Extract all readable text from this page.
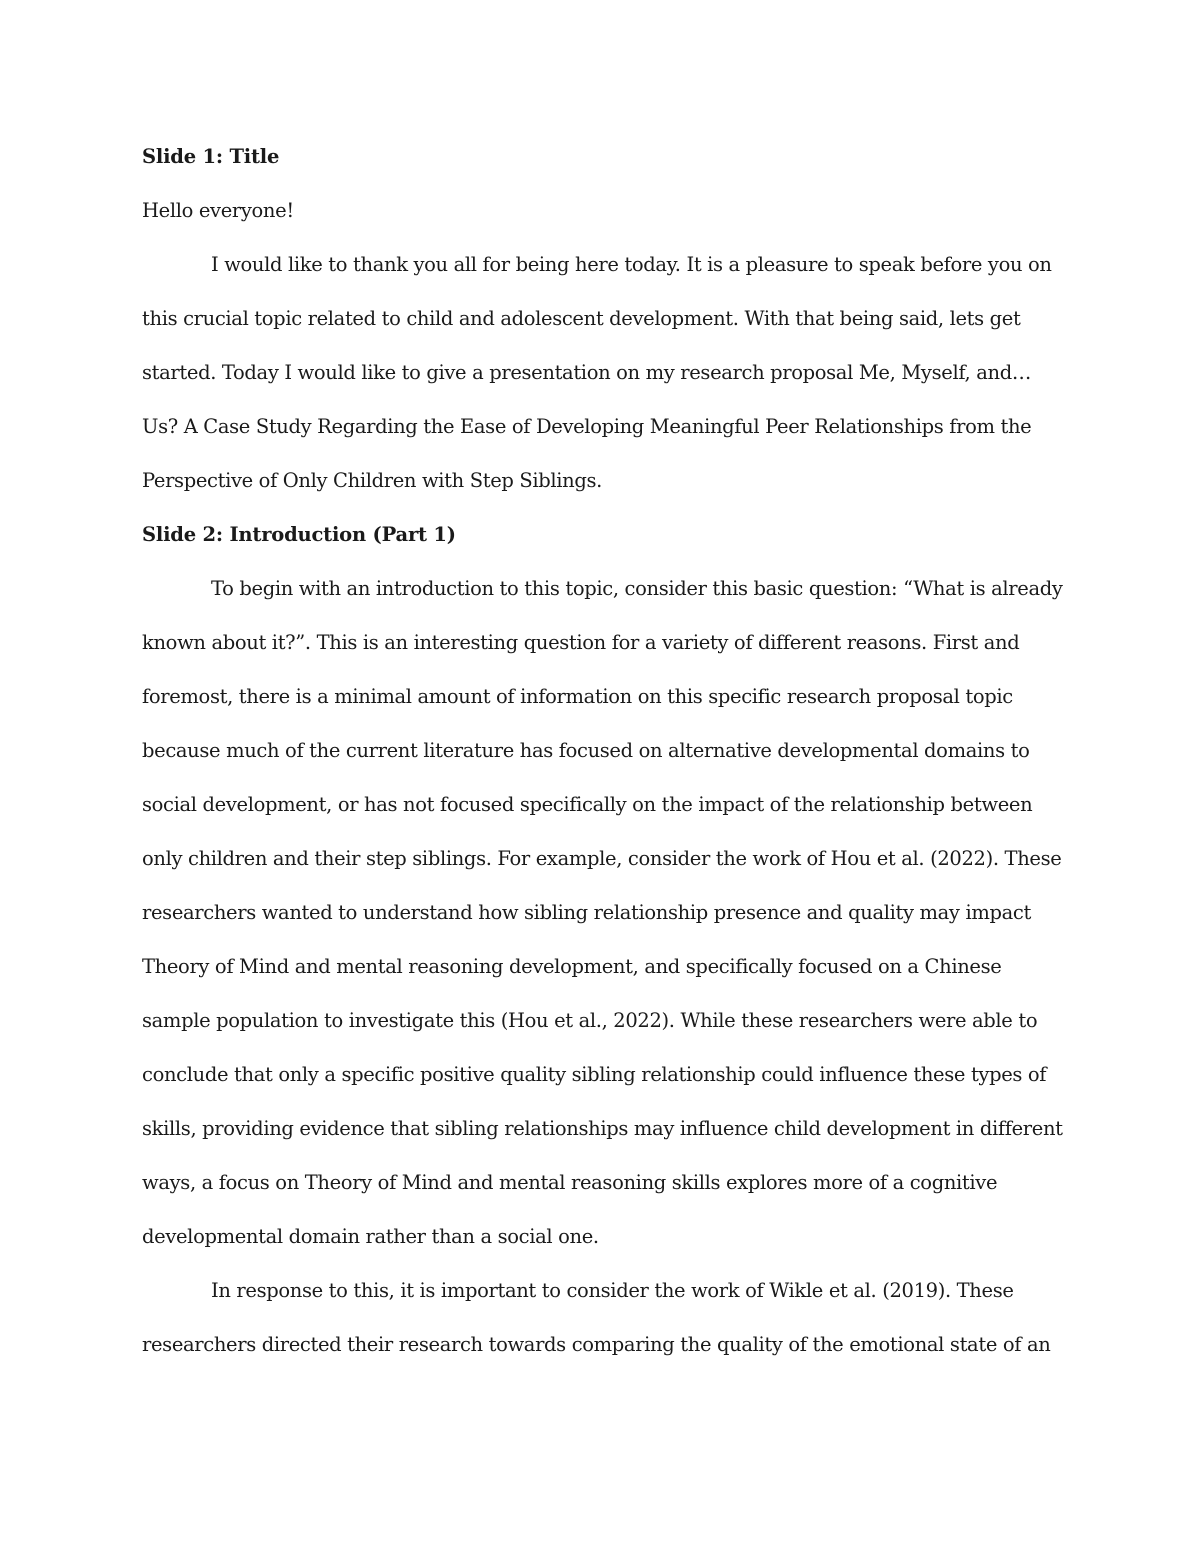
Slide 1: Title
Hello everyone!
I would like to thank you all for being here today. It is a pleasure to speak before you on
this crucial topic related to child and adolescent development. With that being said, lets get
started. Today I would like to give a presentation on my research proposal Me, Myself, and…
Us? A Case Study Regarding the Ease of Developing Meaningful Peer Relationships from the
Perspective of Only Children with Step Siblings.
Slide 2: Introduction (Part 1)
To begin with an introduction to this topic, consider this basic question: “What is already
known about it?”. This is an interesting question for a variety of different reasons. First and
foremost, there is a minimal amount of information on this specific research proposal topic
because much of the current literature has focused on alternative developmental domains to
social development, or has not focused specifically on the impact of the relationship between
only children and their step siblings. For example, consider the work of Hou et al. (2022). These
researchers wanted to understand how sibling relationship presence and quality may impact
Theory of Mind and mental reasoning development, and specifically focused on a Chinese
sample population to investigate this (Hou et al., 2022). While these researchers were able to
conclude that only a specific positive quality sibling relationship could influence these types of
skills, providing evidence that sibling relationships may influence child development in different
ways, a focus on Theory of Mind and mental reasoning skills explores more of a cognitive
developmental domain rather than a social one.
In response to this, it is important to consider the work of Wikle et al. (2019). These
researchers directed their research towards comparing the quality of the emotional state of an
